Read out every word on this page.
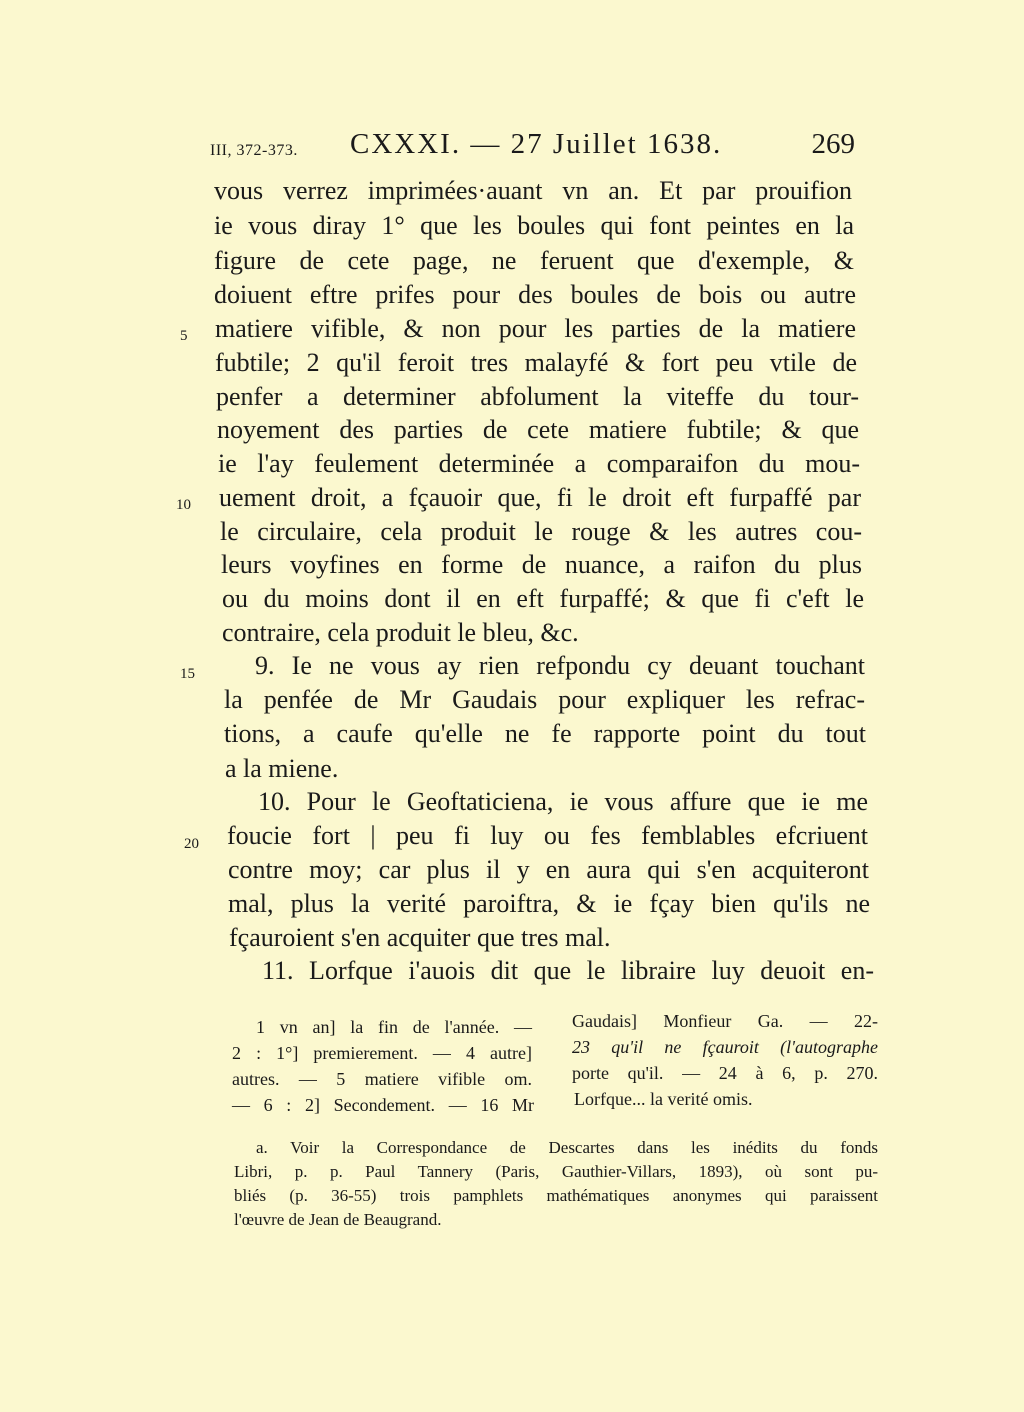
III, 372-373. CXXXI. — 27 Juillet 1638.	269
vous verrez imprimées·auant vn an. Et par prouifion
ie vous diray 1° que les boules qui font peintes en la
figure de cete page, ne feruent que d'exemple, &
doiuent eftre prifes pour des boules de bois ou autre
matiere vifible, & non pour les parties de la matiere
fubtile; 2 qu'il feroit tres malayfé & fort peu vtile de
penfer a determiner abfolument la viteffe du tour-
noyement des parties de cete matiere fubtile; & que
ie l'ay feulement determinée a comparaifon du mou-
uement droit, a fçauoir que, fi le droit eft furpaffé par
le circulaire, cela produit le rouge & les autres cou-
leurs voyfines en forme de nuance, a raifon du plus
ou du moins dont il en eft furpaffé; & que fi c'eft le
contraire, cela produit le bleu, &c.
9. Ie ne vous ay rien refpondu cy deuant touchant
la penfée de Mr Gaudais pour expliquer les refrac-
tions, a caufe qu'elle ne fe rapporte point du tout
a la miene.
10. Pour le Geoftaticiena, ie vous affure que ie me
foucie fort | peu fi luy ou fes femblables efcriuent
contre moy; car plus il y en aura qui s'en acquiteront
mal, plus la verité paroiftra, & ie fçay bien qu'ils ne
fçauroient s'en acquiter que tres mal.
11. Lorfque i'auois dit que le libraire luy deuoit en-
5
10
15
20
1 vn an] la fin de l'année. —
2 : 1°] premierement. — 4 autre]
autres. — 5 matiere vifible om.
— 6 : 2] Secondement. — 16 Mr
Gaudais] Monfieur Ga. — 22-
23 qu'il ne fçauroit (l'autographe
porte qu'il. — 24 à 6, p. 270.
Lorfque... la verité omis.
a. Voir la Correspondance de Descartes dans les inédits du fonds
Libri, p. p. Paul Tannery (Paris, Gauthier-Villars, 1893), où sont pu-
bliés (p. 36-55) trois pamphlets mathématiques anonymes qui paraissent
l'œuvre de Jean de Beaugrand.
